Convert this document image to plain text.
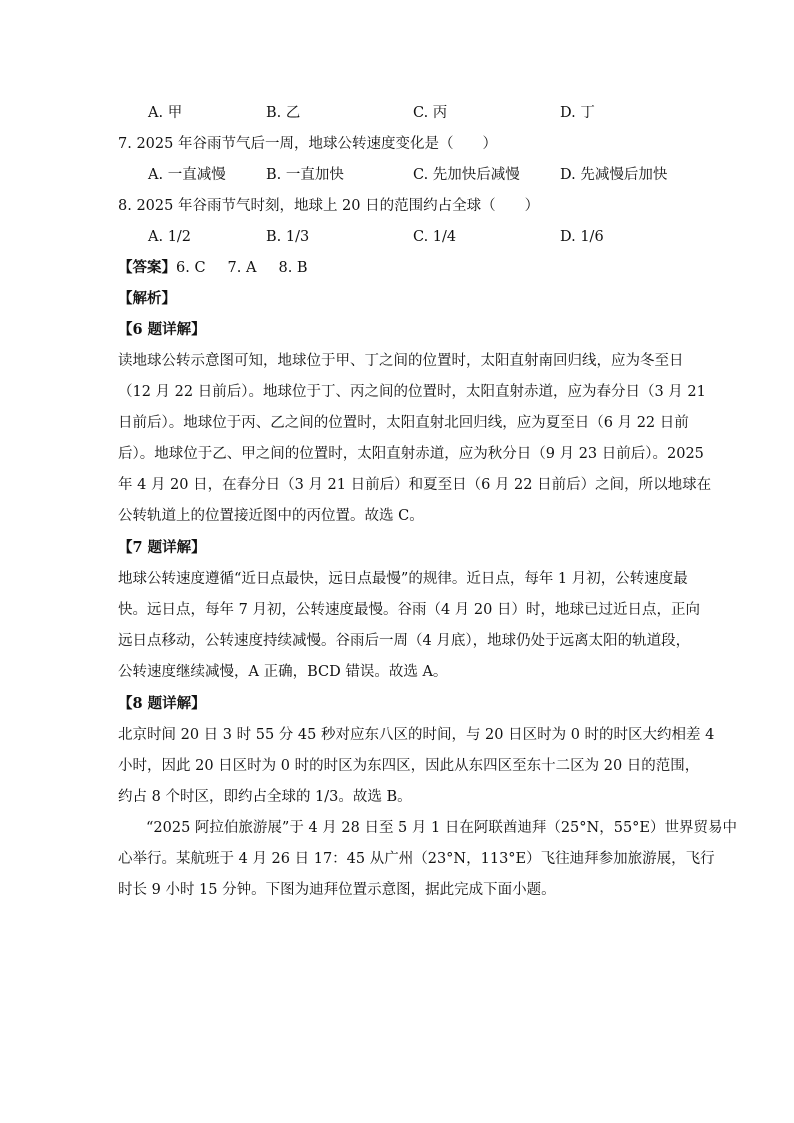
A. 甲	B. 乙	C. 丙	D. 丁
7. 2025 年谷雨节气后一周，地球公转速度变化是（　　）
A. 一直减慢	B. 一直加快	C. 先加快后减慢	D. 先减慢后加快
8. 2025 年谷雨节气时刻，地球上 20 日的范围约占全球（　　）
A. 1/2	B. 1/3	C. 1/4	D. 1/6
【答案】6. C 7. A 8. B
【解析】
【6 题详解】
读地球公转示意图可知，地球位于甲、丁之间的位置时，太阳直射南回归线，应为冬至日
（12 月 22 日前后）。地球位于丁、丙之间的位置时，太阳直射赤道，应为春分日（3 月 21
日前后）。地球位于丙、乙之间的位置时，太阳直射北回归线，应为夏至日（6 月 22 日前
后）。地球位于乙、甲之间的位置时，太阳直射赤道，应为秋分日（9 月 23 日前后）。2025
年 4 月 20 日，在春分日（3 月 21 日前后）和夏至日（6 月 22 日前后）之间，所以地球在
公转轨道上的位置接近图中的丙位置。故选 C。
【7 题详解】
地球公转速度遵循“近日点最快，远日点最慢”的规律。近日点，每年 1 月初，公转速度最
快。远日点，每年 7 月初，公转速度最慢。谷雨（4 月 20 日）时，地球已过近日点，正向
远日点移动，公转速度持续减慢。谷雨后一周（4 月底），地球仍处于远离太阳的轨道段，
公转速度继续减慢，A 正确，BCD 错误。故选 A。
【8 题详解】
北京时间 20 日 3 时 55 分 45 秒对应东八区的时间，与 20 日区时为 0 时的时区大约相差 4
小时，因此 20 日区时为 0 时的时区为东四区，因此从东四区至东十二区为 20 日的范围，
约占 8 个时区，即约占全球的 1/3。故选 B。
“2025 阿拉伯旅游展”于 4 月 28 日至 5 月 1 日在阿联酋迪拜（25°N，55°E）世界贸易中
心举行。某航班于 4 月 26 日 17：45 从广州（23°N，113°E）飞往迪拜参加旅游展，飞行
时长 9 小时 15 分钟。下图为迪拜位置示意图，据此完成下面小题。
